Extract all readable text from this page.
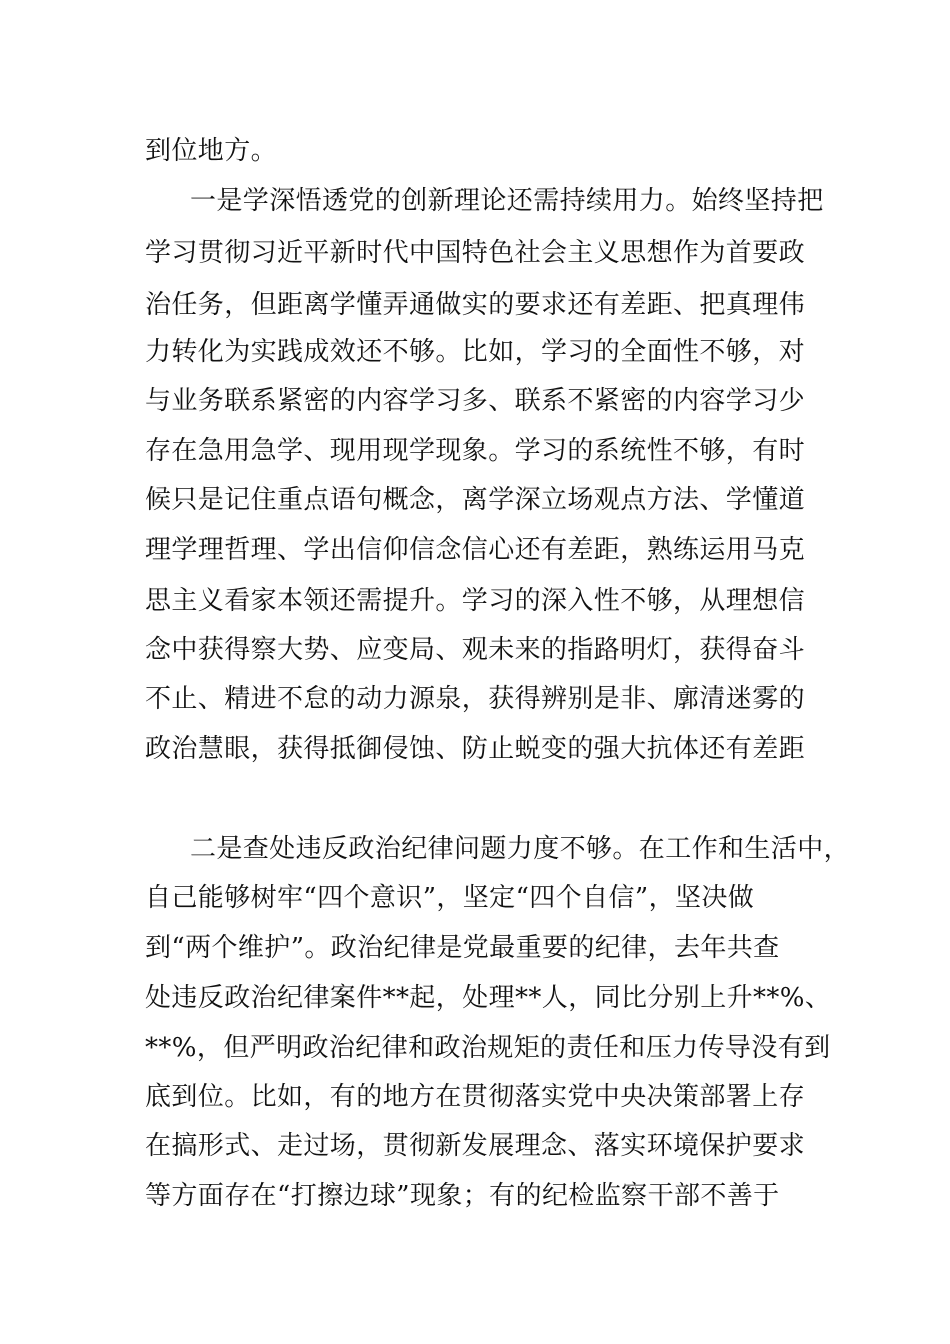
到位地方。
一是学深悟透党的创新理论还需持续用力。始终坚持把
学习贯彻习近平新时代中国特色社会主义思想作为首要政
治任务，但距离学懂弄通做实的要求还有差距、把真理伟
力转化为实践成效还不够。比如，学习的全面性不够，对
与业务联系紧密的内容学习多、联系不紧密的内容学习少
存在急用急学、现用现学现象。学习的系统性不够，有时
候只是记住重点语句概念，离学深立场观点方法、学懂道
理学理哲理、学出信仰信念信心还有差距，熟练运用马克
思主义看家本领还需提升。学习的深入性不够，从理想信
念中获得察大势、应变局、观未来的指路明灯，获得奋斗
不止、精进不怠的动力源泉，获得辨别是非、廓清迷雾的
政治慧眼，获得抵御侵蚀、防止蜕变的强大抗体还有差距
二是查处违反政治纪律问题力度不够。在工作和生活中，
自己能够树牢“四个意识”，坚定“四个自信”，坚决做
到“两个维护”。政治纪律是党最重要的纪律，去年共查
处违反政治纪律案件**起，处理**人，同比分别上升**%、
**%，但严明政治纪律和政治规矩的责任和压力传导没有到
底到位。比如，有的地方在贯彻落实党中央决策部署上存
在搞形式、走过场，贯彻新发展理念、落实环境保护要求
等方面存在“打擦边球”现象；有的纪检监察干部不善于
